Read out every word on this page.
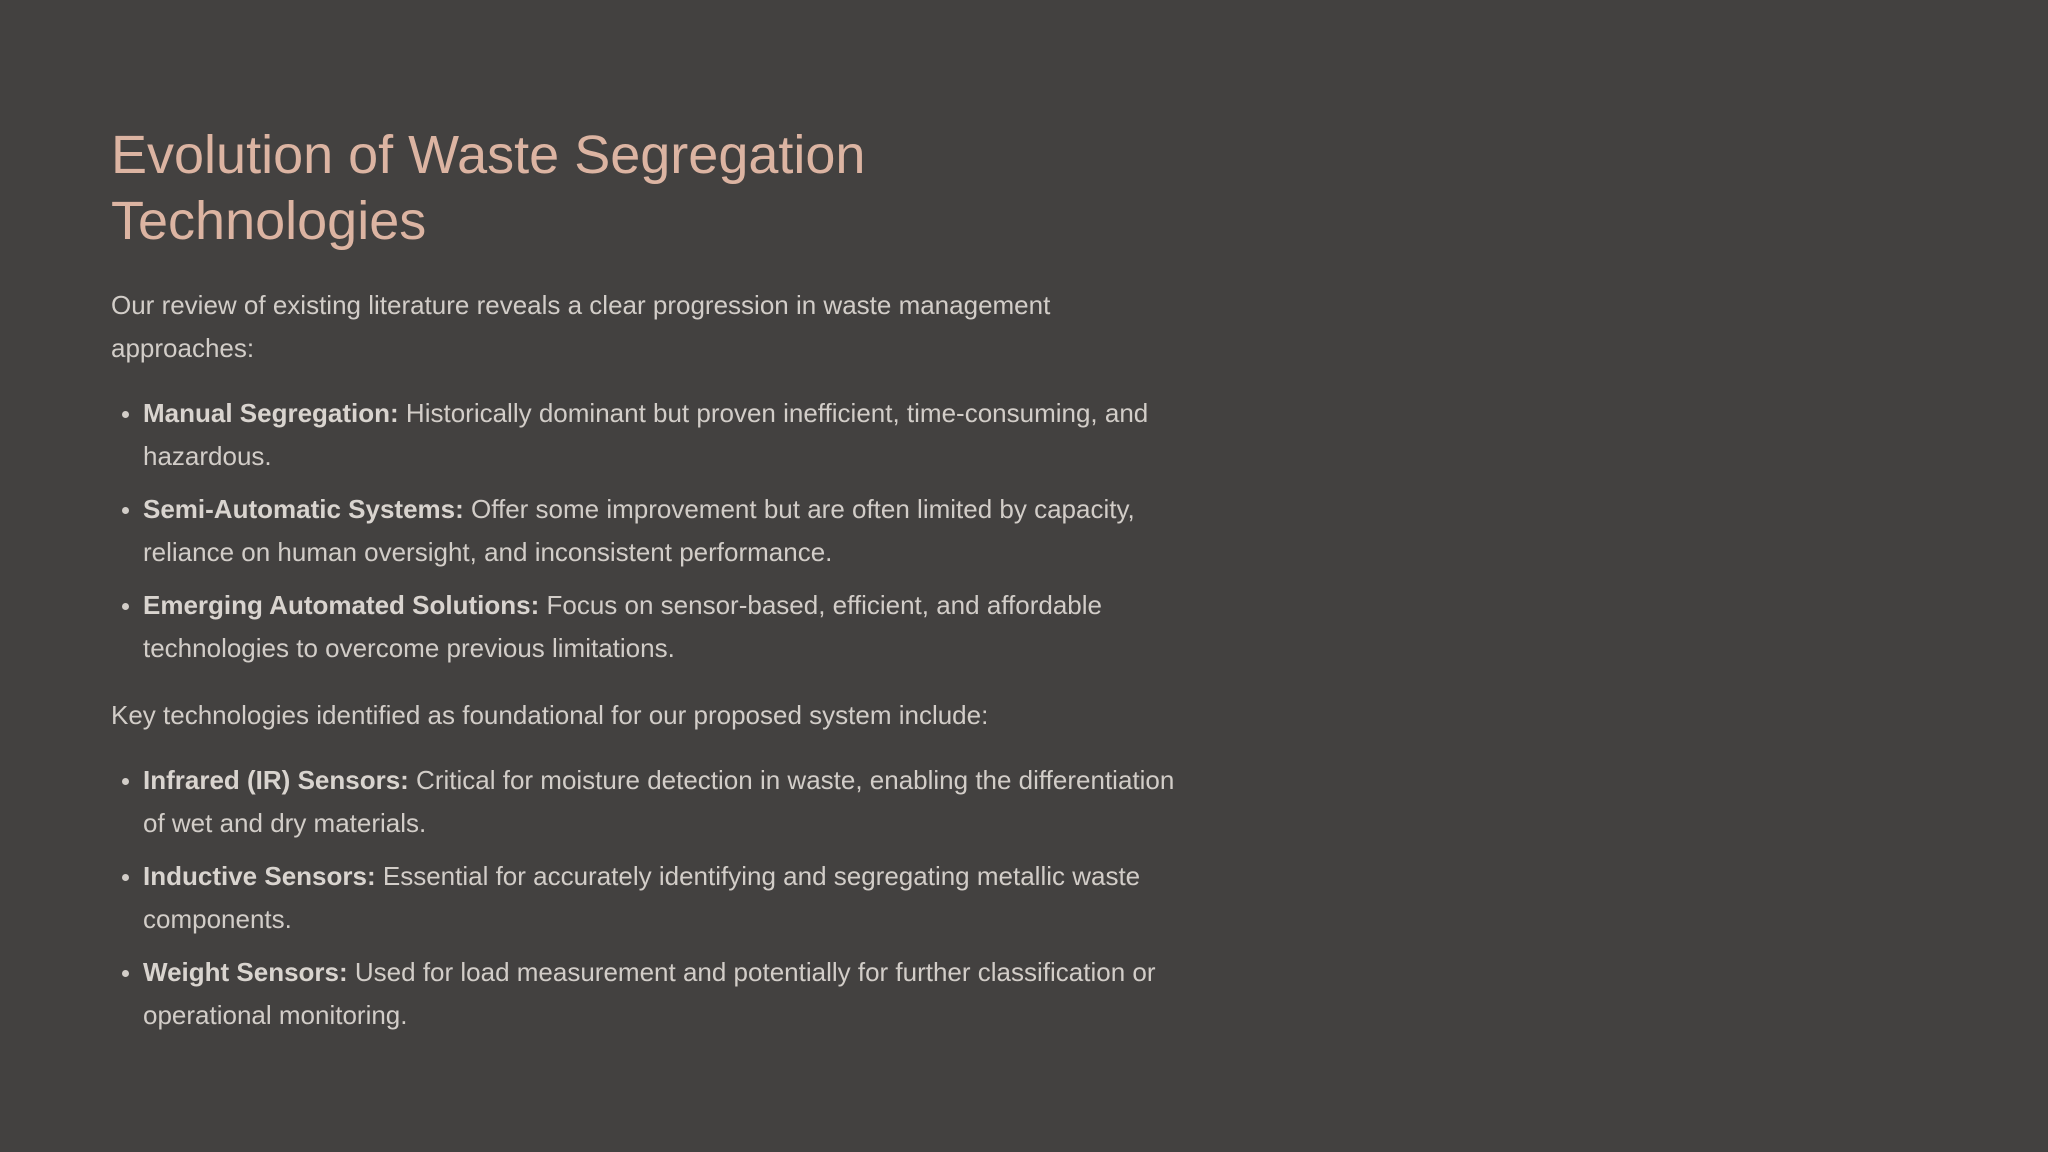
Evolution of Waste Segregation Technologies

Our review of existing literature reveals a clear progression in waste management approaches:

Manual Segregation: Historically dominant but proven inefficient, time-consuming, and hazardous.
Semi-Automatic Systems: Offer some improvement but are often limited by capacity, reliance on human oversight, and inconsistent performance.
Emerging Automated Solutions: Focus on sensor-based, efficient, and affordable technologies to overcome previous limitations.

Key technologies identified as foundational for our proposed system include:

Infrared (IR) Sensors: Critical for moisture detection in waste, enabling the differentiation of wet and dry materials.
Inductive Sensors: Essential for accurately identifying and segregating metallic waste components.
Weight Sensors: Used for load measurement and potentially for further classification or operational monitoring.
